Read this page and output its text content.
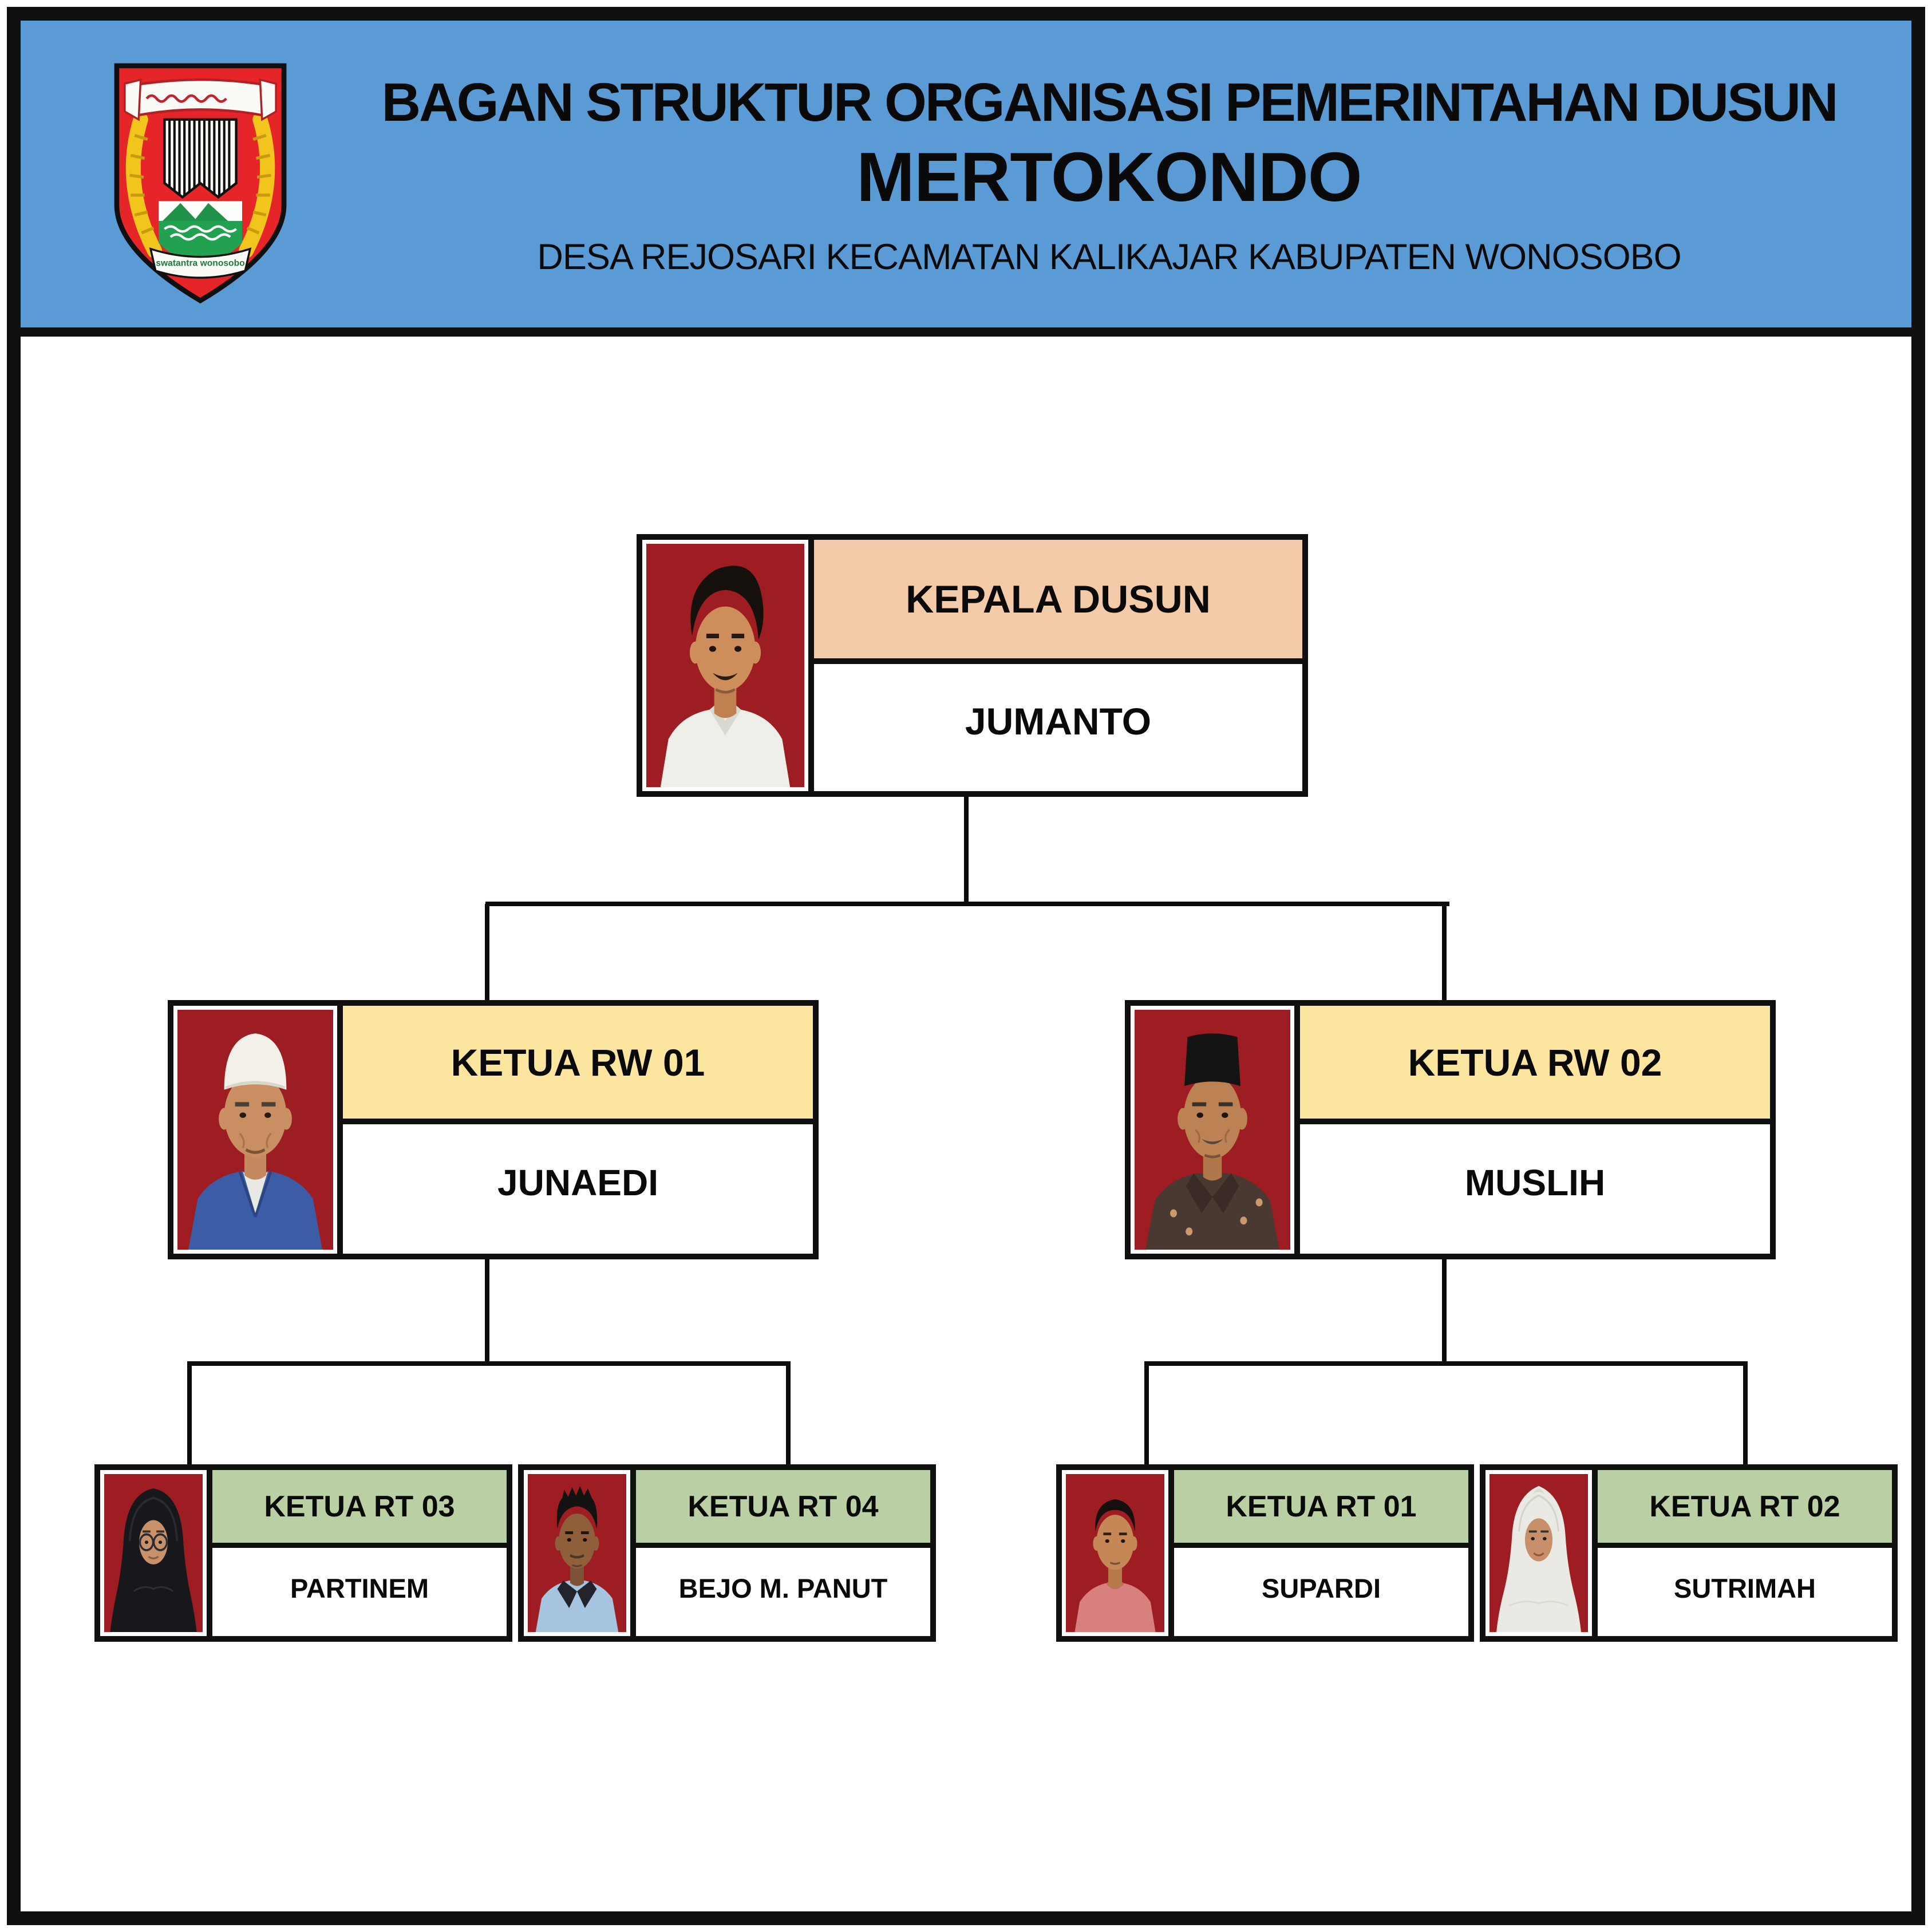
swatantra wonosobo
BAGAN STRUKTUR ORGANISASI PEMERINTAHAN DUSUN
MERTOKONDO
DESA REJOSARI KECAMATAN KALIKAJAR KABUPATEN WONOSOBO
KEPALA DUSUN
JUMANTO
KETUA RW 01
JUNAEDI
KETUA RW 02
MUSLIH
KETUA RT 03
PARTINEM
KETUA RT 04
BEJO M. PANUT
KETUA RT 01
SUPARDI
KETUA RT 02
SUTRIMAH
